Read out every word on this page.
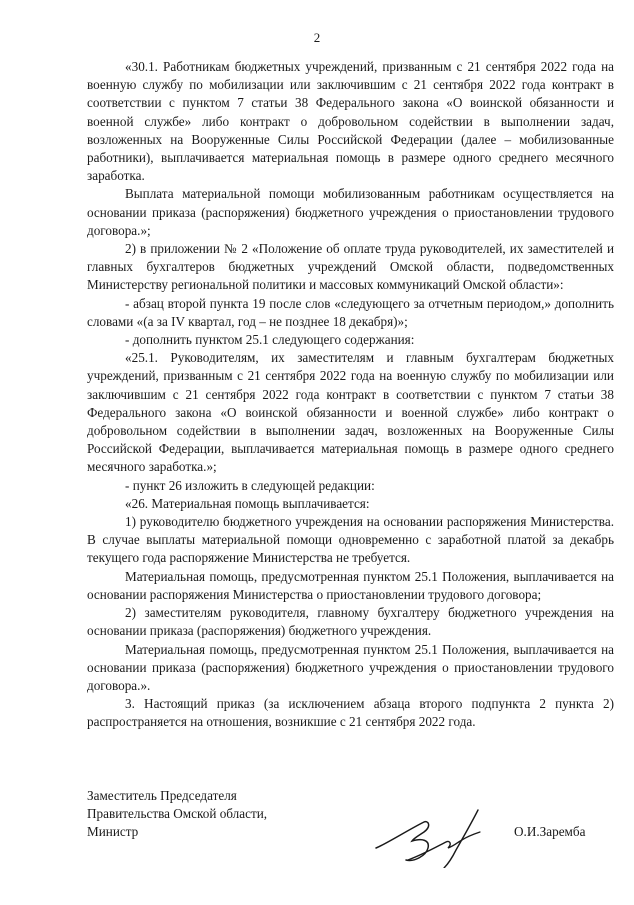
2

«30.1. Работникам бюджетных учреждений, призванным с 21 сентября 2022 года на военную службу по мобилизации или заключившим с 21 сентября 2022 года контракт в соответствии с пунктом 7 статьи 38 Федерального закона «О воинской обязанности и военной службе» либо контракт о добровольном содействии в выполнении задач, возложенных на Вооруженные Силы Российской Федерации (далее – мобилизованные работники), выплачивается материальная помощь в размере одного среднего месячного заработка.

Выплата материальной помощи мобилизованным работникам осуществляется на основании приказа (распоряжения) бюджетного учреждения о приостановлении трудового договора.»;

2) в приложении № 2 «Положение об оплате труда руководителей, их заместителей и главных бухгалтеров бюджетных учреждений Омской области, подведомственных Министерству региональной политики и массовых коммуникаций Омской области»:

- абзац второй пункта 19 после слов «следующего за отчетным периодом,» дополнить словами «(а за IV квартал, год – не позднее 18 декабря)»;

- дополнить пунктом 25.1 следующего содержания:

«25.1. Руководителям, их заместителям и главным бухгалтерам бюджетных учреждений, призванным с 21 сентября 2022 года на военную службу по мобилизации или заключившим с 21 сентября 2022 года контракт в соответствии с пунктом 7 статьи 38 Федерального закона «О воинской обязанности и военной службе» либо контракт о добровольном содействии в выполнении задач, возложенных на Вооруженные Силы Российской Федерации, выплачивается материальная помощь в размере одного среднего месячного заработка.»;

- пункт 26 изложить в следующей редакции:

«26. Материальная помощь выплачивается:

1) руководителю бюджетного учреждения на основании распоряжения Министерства. В случае выплаты материальной помощи одновременно с заработной платой за декабрь текущего года распоряжение Министерства не требуется.

Материальная помощь, предусмотренная пунктом 25.1 Положения, выплачивается на основании распоряжения Министерства о приостановлении трудового договора;

2) заместителям руководителя, главному бухгалтеру бюджетного учреждения на основании приказа (распоряжения) бюджетного учреждения.

Материальная помощь, предусмотренная пунктом 25.1 Положения, выплачивается на основании приказа (распоряжения) бюджетного учреждения о приостановлении трудового договора.».

3. Настоящий приказ (за исключением абзаца второго подпункта 2 пункта 2) распространяется на отношения, возникшие с 21 сентября 2022 года.

Заместитель Председателя
Правительства Омской области,
Министр	О.И.Заремба
